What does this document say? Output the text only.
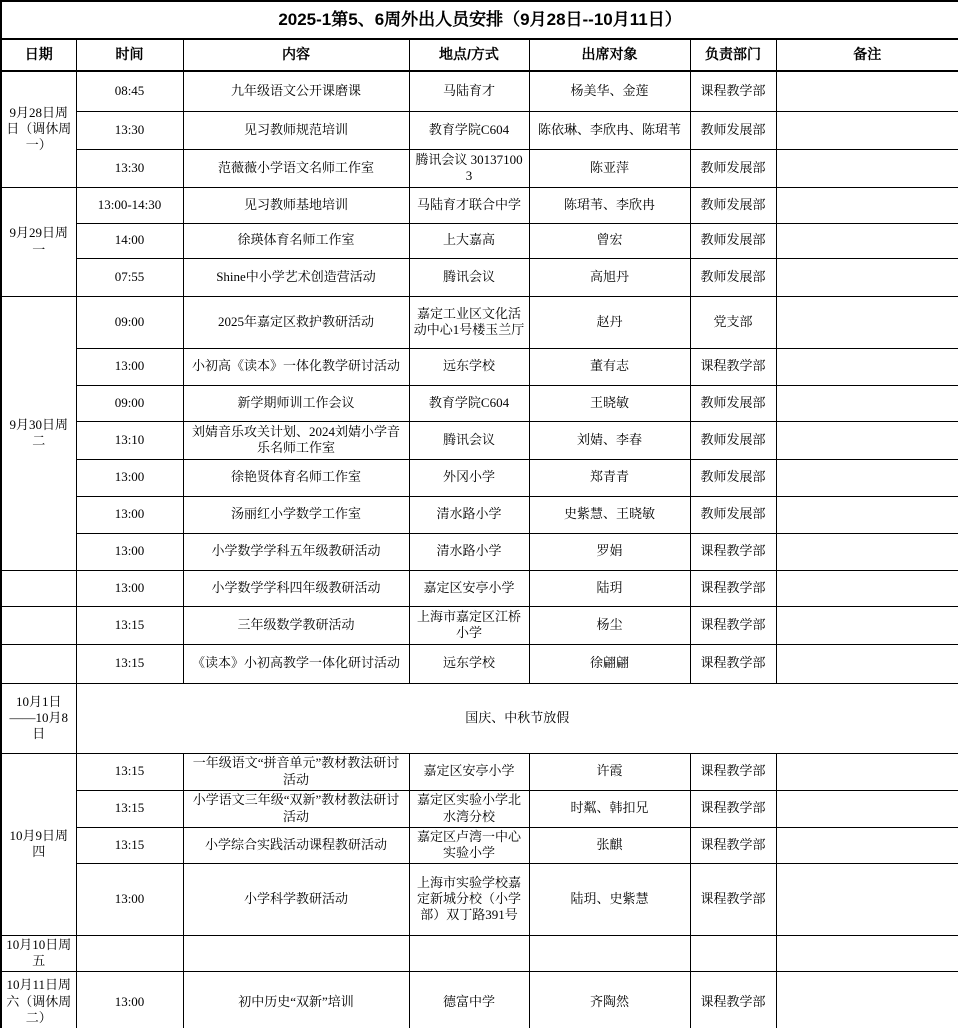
2025-1第5、6周外出人员安排（9月28日--10月11日）						
日期	时间	内容	地点/方式	出席对象	负责部门	备注
9月28日周日（调休周一）	08:45	九年级语文公开课磨课	马陆育才	杨美华、金莲	课程教学部	
	13:30	见习教师规范培训	教育学院C604	陈依琳、李欣冉、陈珺苇	教师发展部	
	13:30	范薇薇小学语文名师工作室	腾讯会议 301371003	陈亚萍	教师发展部	
9月29日周一	13:00-14:30	见习教师基地培训	马陆育才联合中学	陈珺苇、李欣冉	教师发展部	
	14:00	徐瑛体育名师工作室	上大嘉高	曾宏	教师发展部	
	07:55	Shine中小学艺术创造营活动	腾讯会议	高旭丹	教师发展部	
9月30日周二	09:00	2025年嘉定区救护教研活动	嘉定工业区文化活动中心1号楼玉兰厅	赵丹	党支部	
	13:00	小初高《读本》一体化教学研讨活动	远东学校	董有志	课程教学部	
	09:00	新学期师训工作会议	教育学院C604	王晓敏	教师发展部	
	13:10	刘婧音乐攻关计划、2024刘婧小学音乐名师工作室	腾讯会议	刘婧、李春	教师发展部	
	13:00	徐艳贤体育名师工作室	外冈小学	郑青青	教师发展部	
	13:00	汤丽红小学数学工作室	清水路小学	史紫慧、王晓敏	教师发展部	
	13:00	小学数学学科五年级教研活动	清水路小学	罗娟	课程教学部	
	13:00	小学数学学科四年级教研活动	嘉定区安亭小学	陆玥	课程教学部	
	13:15	三年级数学教研活动	上海市嘉定区江桥小学	杨尘	课程教学部	
	13:15	《读本》小初高教学一体化研讨活动	远东学校	徐翩翩	课程教学部	
10月1日——10月8日	国庆、中秋节放假					
10月9日周四	13:15	一年级语文“拼音单元”教材教法研讨活动	嘉定区安亭小学	许霞	课程教学部	
	13:15	小学语文三年级“双新”教材教法研讨活动	嘉定区实验小学北水湾分校	时粼、韩扣兄	课程教学部	
	13:15	小学综合实践活动课程教研活动	嘉定区卢湾一中心实验小学	张麒	课程教学部	
	13:00	小学科学教研活动	上海市实验学校嘉定新城分校（小学部）双丁路391号	陆玥、史紫慧	课程教学部	
10月10日周五						
10月11日周六（调休周二）	13:00	初中历史“双新”培训	德富中学	齐陶然	课程教学部	
